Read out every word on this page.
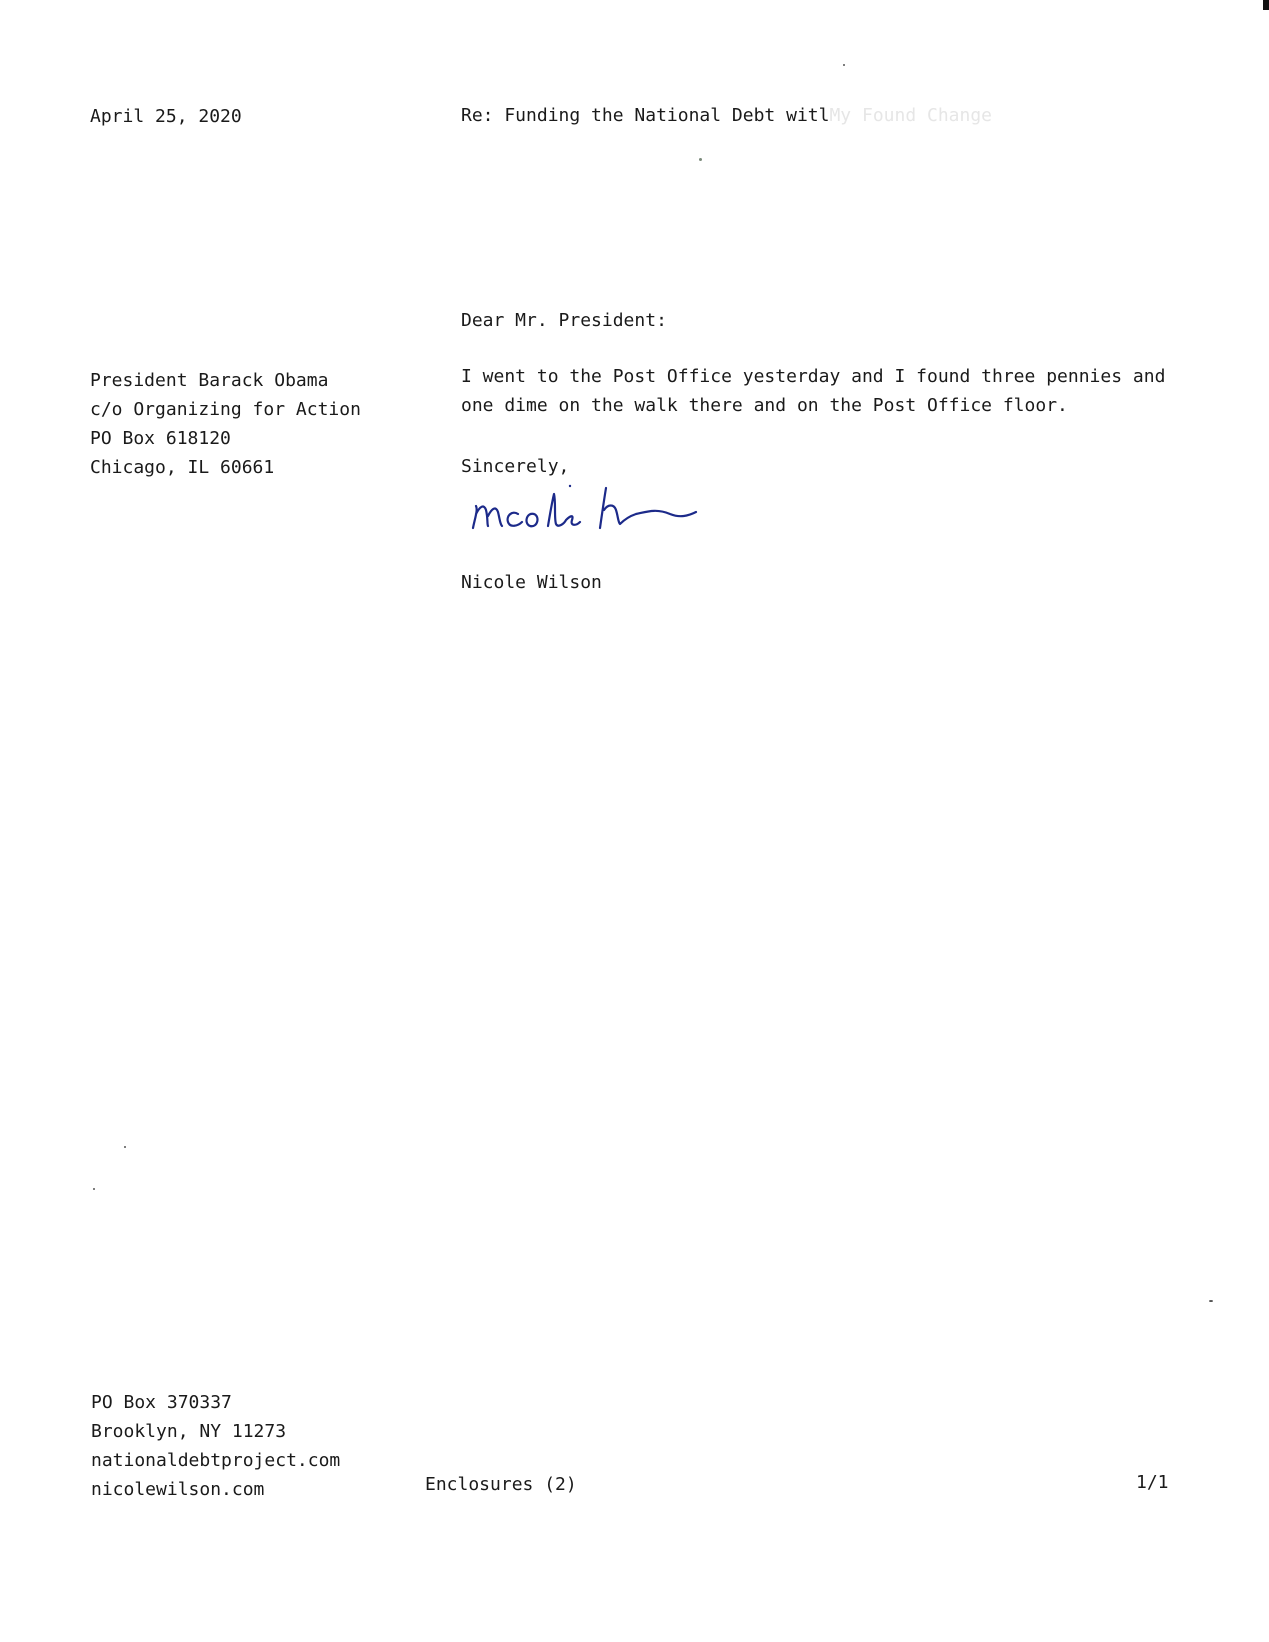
April 25, 2020	Re: Funding the National Debt witlMy Found Change
Dear Mr. President:
President Barack Obama
c/o Organizing for Action
PO Box 618120
Chicago, IL 60661
I went to the Post Office yesterday and I found three pennies and
one dime on the walk there and on the Post Office floor.
Sincerely,
Nicole Wilson
PO Box 370337
Brooklyn, NY 11273
nationaldebtproject.com
nicolewilson.com	Enclosures (2)	1/1
